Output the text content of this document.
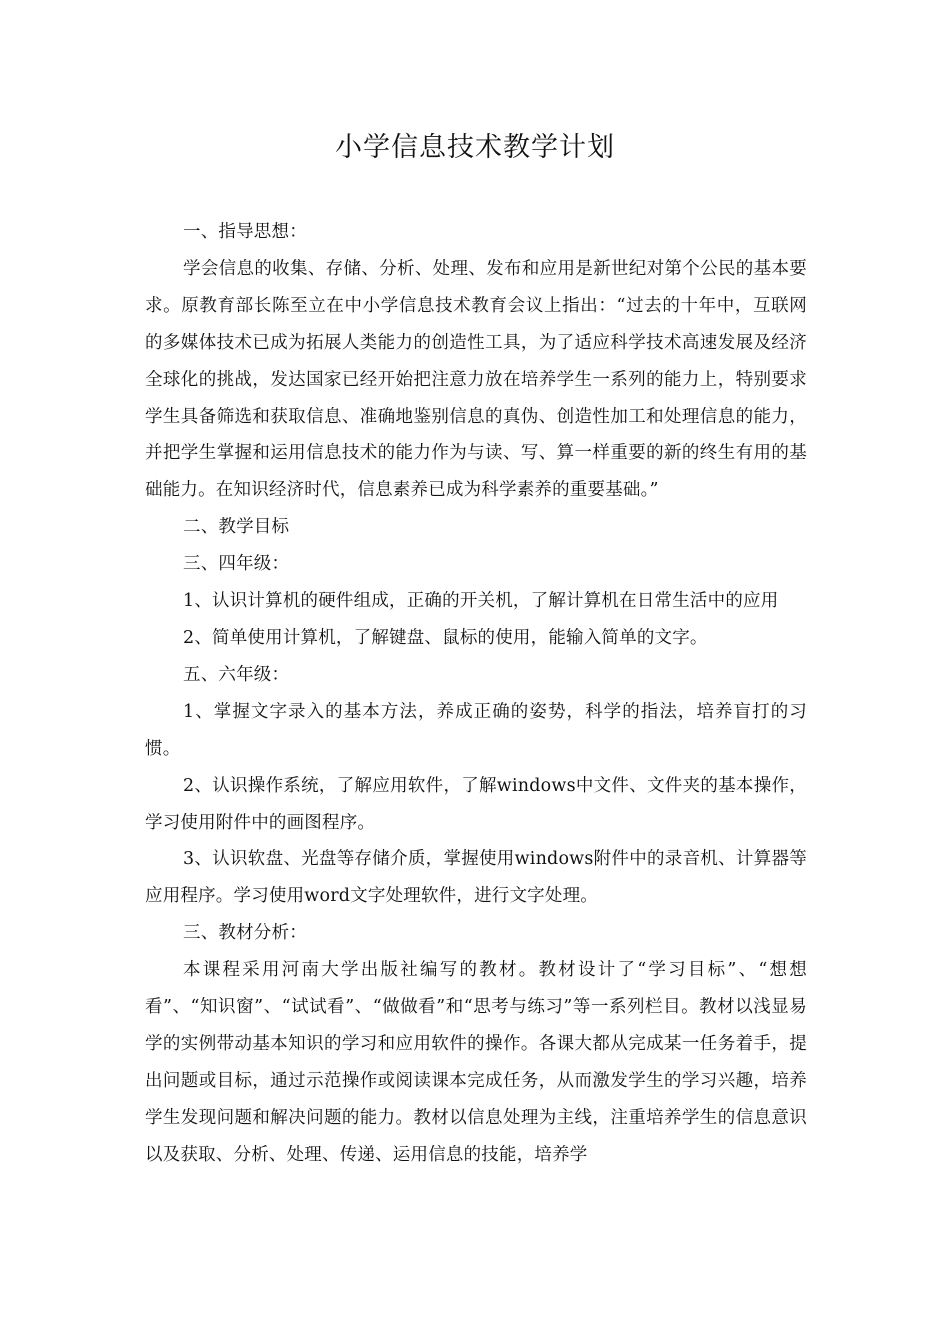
小学信息技术教学计划

一、指导思想：

学会信息的收集、存储、分析、处理、发布和应用是新世纪对第个公民的基本要求。原教育部长陈至立在中小学信息技术教育会议上指出：“过去的十年中，互联网的多媒体技术已成为拓展人类能力的创造性工具，为了适应科学技术高速发展及经济全球化的挑战，发达国家已经开始把注意力放在培养学生一系列的能力上，特别要求学生具备筛选和获取信息、准确地鉴别信息的真伪、创造性加工和处理信息的能力，并把学生掌握和运用信息技术的能力作为与读、写、算一样重要的新的终生有用的基础能力。在知识经济时代，信息素养已成为科学素养的重要基础。”

二、教学目标

三、四年级：

1、认识计算机的硬件组成，正确的开关机，了解计算机在日常生活中的应用

2、简单使用计算机，了解键盘、鼠标的使用，能输入简单的文字。

五、六年级：

1、掌握文字录入的基本方法，养成正确的姿势，科学的指法，培养盲打的习惯。

2、认识操作系统，了解应用软件，了解windows中文件、文件夹的基本操作，学习使用附件中的画图程序。

3、认识软盘、光盘等存储介质，掌握使用windows附件中的录音机、计算器等应用程序。学习使用word文字处理软件，进行文字处理。

三、教材分析：

本课程采用河南大学出版社编写的教材。教材设计了“学习目标”、“想想看”、“知识窗”、“试试看”、“做做看”和“思考与练习”等一系列栏目。教材以浅显易学的实例带动基本知识的学习和应用软件的操作。各课大都从完成某一任务着手，提出问题或目标，通过示范操作或阅读课本完成任务，从而激发学生的学习兴趣，培养学生发现问题和解决问题的能力。教材以信息处理为主线，注重培养学生的信息意识以及获取、分析、处理、传递、运用信息的技能，培养学
